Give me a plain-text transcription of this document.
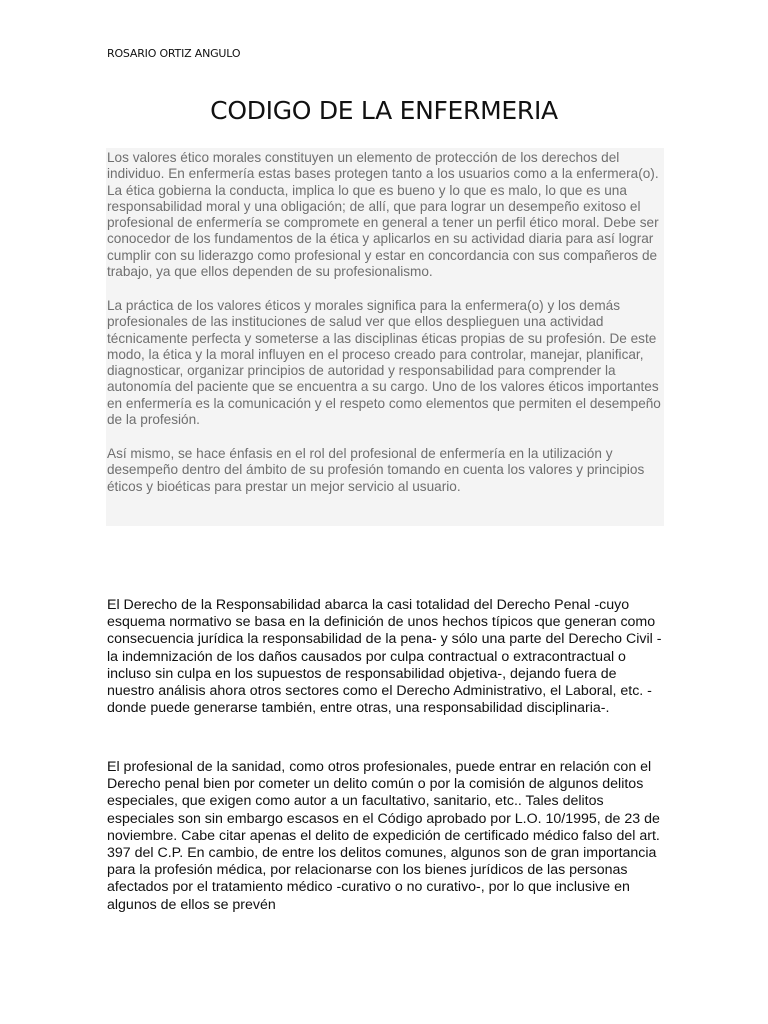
ROSARIO ORTIZ ANGULO
CODIGO DE LA ENFERMERIA

Los valores ético morales constituyen un elemento de protección de los derechos del individuo. En enfermería estas bases protegen tanto a los usuarios como a la enfermera(o). La ética gobierna la conducta, implica lo que es bueno y lo que es malo, lo que es una responsabilidad moral y una obligación; de allí, que para lograr un desempeño exitoso el profesional de enfermería se compromete en general a tener un perfil ético moral. Debe ser conocedor de los fundamentos de la ética y aplicarlos en su actividad diaria para así lograr cumplir con su liderazgo como profesional y estar en concordancia con sus compañeros de trabajo, ya que ellos dependen de su profesionalismo.

La práctica de los valores éticos y morales significa para la enfermera(o) y los demás profesionales de las instituciones de salud ver que ellos desplieguen una actividad técnicamente perfecta y someterse a las disciplinas éticas propias de su profesión. De este modo, la ética y la moral influyen en el proceso creado para controlar, manejar, planificar, diagnosticar, organizar principios de autoridad y responsabilidad para comprender la autonomía del paciente que se encuentra a su cargo. Uno de los valores éticos importantes en enfermería es la comunicación y el respeto como elementos que permiten el desempeño de la profesión.

Así mismo, se hace énfasis en el rol del profesional de enfermería en la utilización y desempeño dentro del ámbito de su profesión tomando en cuenta los valores y principios éticos y bioéticas para prestar un mejor servicio al usuario.

El Derecho de la Responsabilidad abarca la casi totalidad del Derecho Penal -cuyo esquema normativo se basa en la definición de unos hechos típicos que generan como consecuencia jurídica la responsabilidad de la pena- y sólo una parte del Derecho Civil -la indemnización de los daños causados por culpa contractual o extracontractual o incluso sin culpa en los supuestos de responsabilidad objetiva-, dejando fuera de nuestro análisis ahora otros sectores como el Derecho Administrativo, el Laboral, etc. -donde puede generarse también, entre otras, una responsabilidad disciplinaria-.

El profesional de la sanidad, como otros profesionales, puede entrar en relación con el Derecho penal bien por cometer un delito común o por la comisión de algunos delitos especiales, que exigen como autor a un facultativo, sanitario, etc.. Tales delitos especiales son sin embargo escasos en el Código aprobado por L.O. 10/1995, de 23 de noviembre. Cabe citar apenas el delito de expedición de certificado médico falso del art. 397 del C.P. En cambio, de entre los delitos comunes, algunos son de gran importancia para la profesión médica, por relacionarse con los bienes jurídicos de las personas afectados por el tratamiento médico -curativo o no curativo-, por lo que inclusive en algunos de ellos se prevén
